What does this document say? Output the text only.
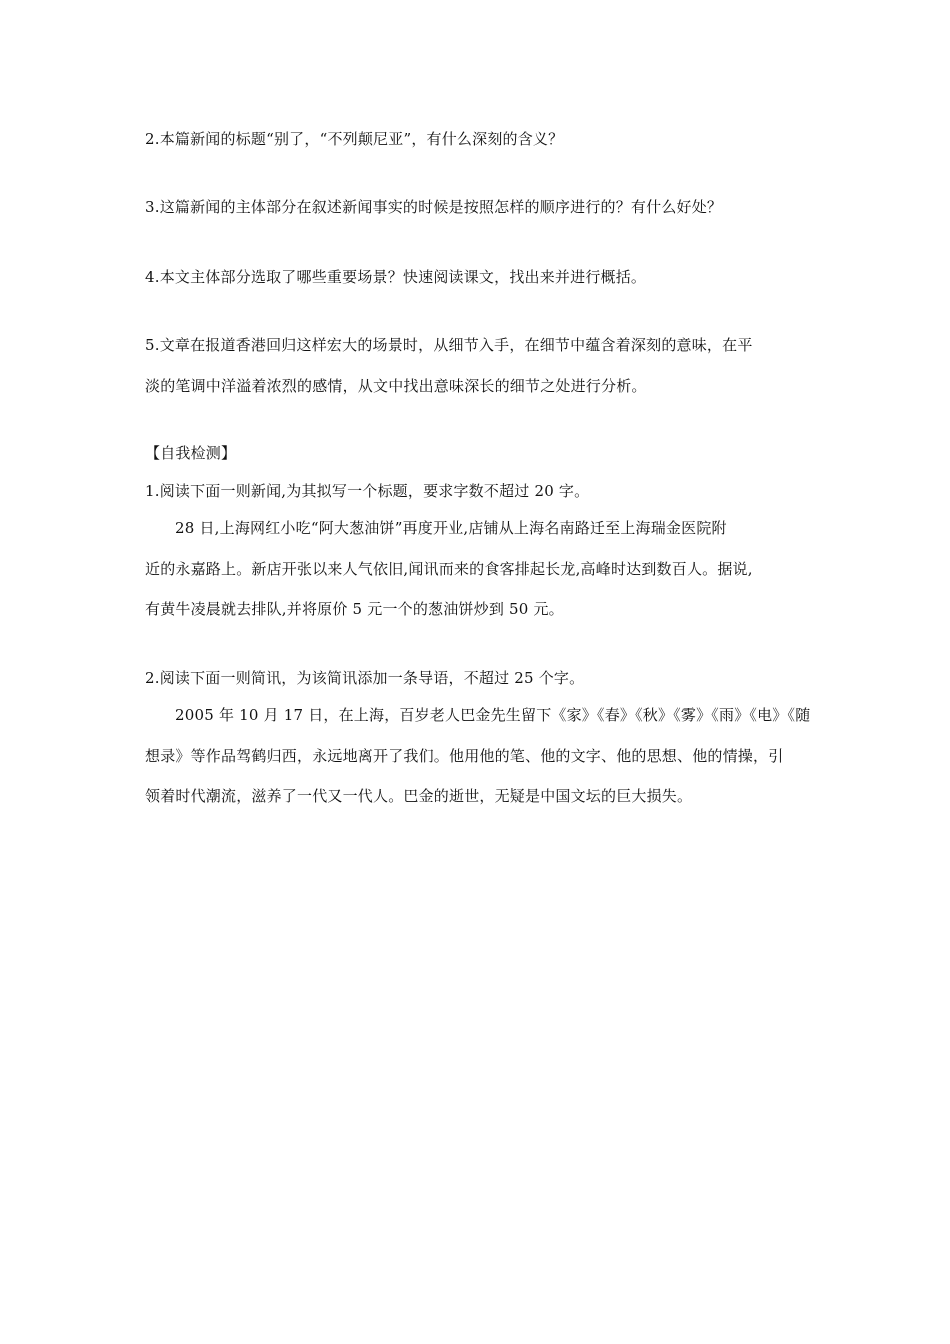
2.本篇新闻的标题“别了，“不列颠尼亚”，有什么深刻的含义？
3.这篇新闻的主体部分在叙述新闻事实的时候是按照怎样的顺序进行的？有什么好处？
4.本文主体部分选取了哪些重要场景？快速阅读课文，找出来并进行概括。
5.文章在报道香港回归这样宏大的场景时，从细节入手，在细节中蕴含着深刻的意味，在平
淡的笔调中洋溢着浓烈的感情，从文中找出意味深长的细节之处进行分析。
【自我检测】
1.阅读下面一则新闻,为其拟写一个标题，要求字数不超过 20 字。
28 日,上海网红小吃“阿大葱油饼”再度开业,店铺从上海名南路迁至上海瑞金医院附
近的永嘉路上。新店开张以来人气依旧,闻讯而来的食客排起长龙,高峰时达到数百人。据说,
有黄牛凌晨就去排队,并将原价 5 元一个的葱油饼炒到 50 元。
2.阅读下面一则简讯，为该简讯添加一条导语，不超过 25 个字。
2005 年 10 月 17 日，在上海，百岁老人巴金先生留下《家》《春》《秋》《雾》《雨》《电》《随
想录》等作品驾鹤归西，永远地离开了我们。他用他的笔、他的文字、他的思想、他的情操，引
领着时代潮流，滋养了一代又一代人。巴金的逝世，无疑是中国文坛的巨大损失。
